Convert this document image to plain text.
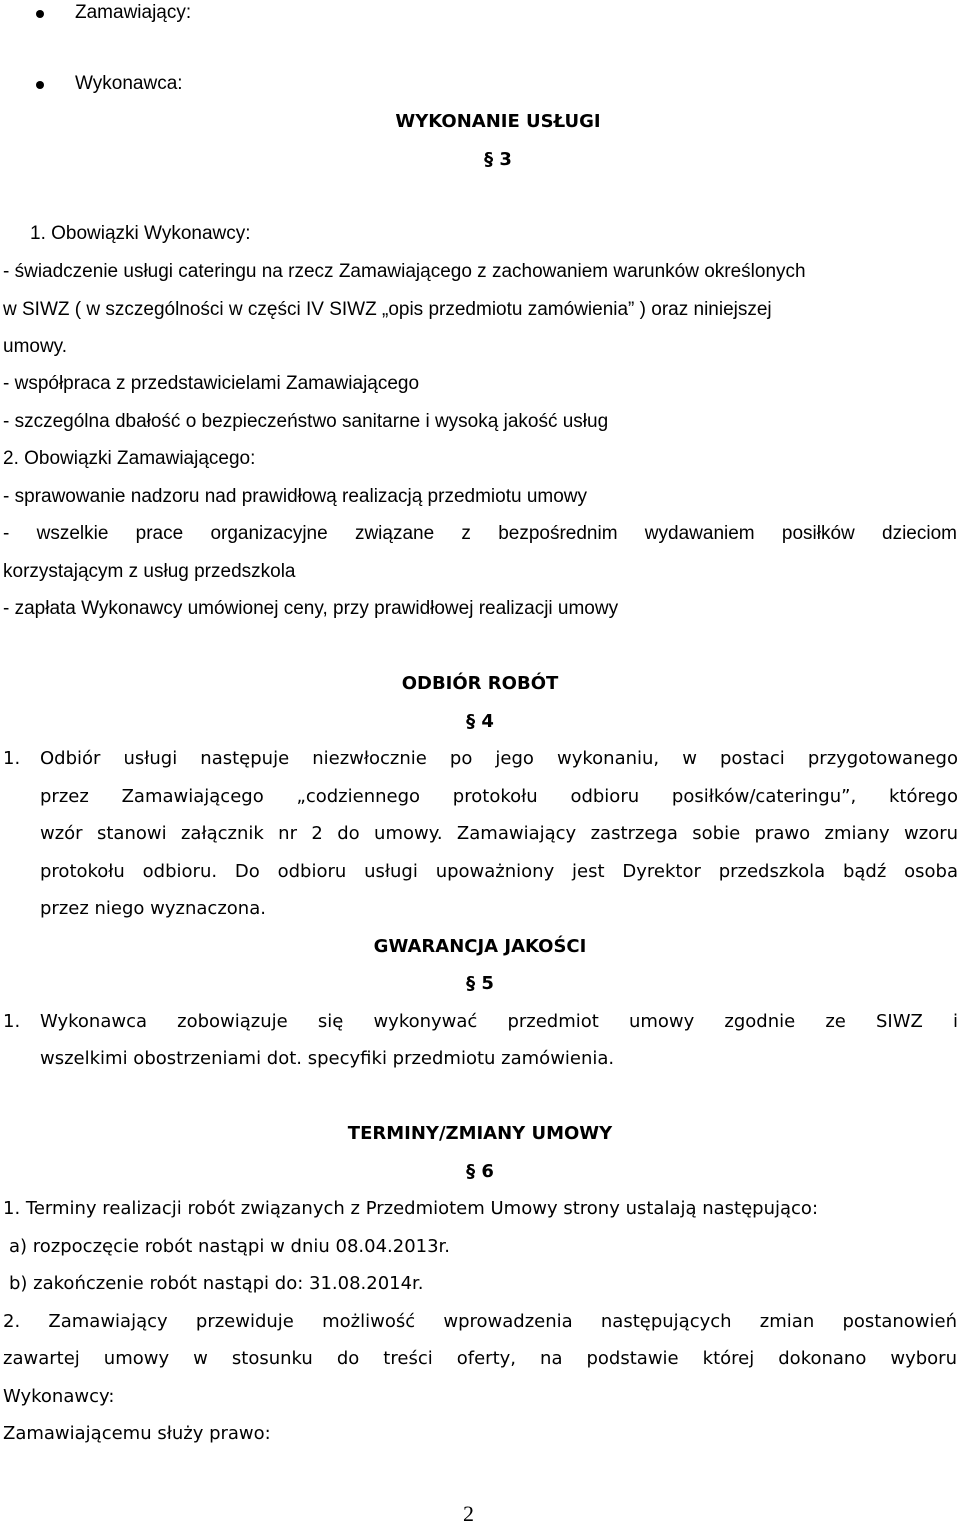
Zamawiający:
Wykonawca:
WYKONANIE USŁUGI
§ 3
1. Obowiązki Wykonawcy:
- świadczenie usługi cateringu na rzecz Zamawiającego z zachowaniem warunków określonych
w SIWZ ( w szczególności w części IV SIWZ „opis przedmiotu zamówienia” ) oraz niniejszej
umowy.
- współpraca z przedstawicielami Zamawiającego
- szczególna dbałość o bezpieczeństwo sanitarne i wysoką jakość usług
2. Obowiązki Zamawiającego:
- sprawowanie nadzoru nad prawidłową realizacją przedmiotu umowy
- wszelkie prace organizacyjne związane z bezpośrednim wydawaniem posiłków dzieciom
korzystającym z usług przedszkola
- zapłata Wykonawcy umówionej ceny, przy prawidłowej realizacji umowy
ODBIÓR ROBÓT
§ 4
1. Odbiór usługi następuje niezwłocznie po jego wykonaniu, w postaci przygotowanego
przez Zamawiającego „codziennego protokołu odbioru posiłków/cateringu”, którego
wzór stanowi załącznik nr 2 do umowy. Zamawiający zastrzega sobie prawo zmiany wzoru
protokołu odbioru. Do odbioru usługi upoważniony jest Dyrektor przedszkola bądź osoba
przez niego wyznaczona.
GWARANCJA JAKOŚCI
§ 5
1. Wykonawca zobowiązuje się wykonywać przedmiot umowy zgodnie ze SIWZ i
wszelkimi obostrzeniami dot. specyfiki przedmiotu zamówienia.
TERMINY/ZMIANY UMOWY
§ 6
1. Terminy realizacji robót związanych z Przedmiotem Umowy strony ustalają następująco:
a) rozpoczęcie robót nastąpi w dniu 08.04.2013r.
b) zakończenie robót nastąpi do: 31.08.2014r.
2. Zamawiający przewiduje możliwość wprowadzenia następujących zmian postanowień
zawartej umowy w stosunku do treści oferty, na podstawie której dokonano wyboru
Wykonawcy:
Zamawiającemu służy prawo:
2
